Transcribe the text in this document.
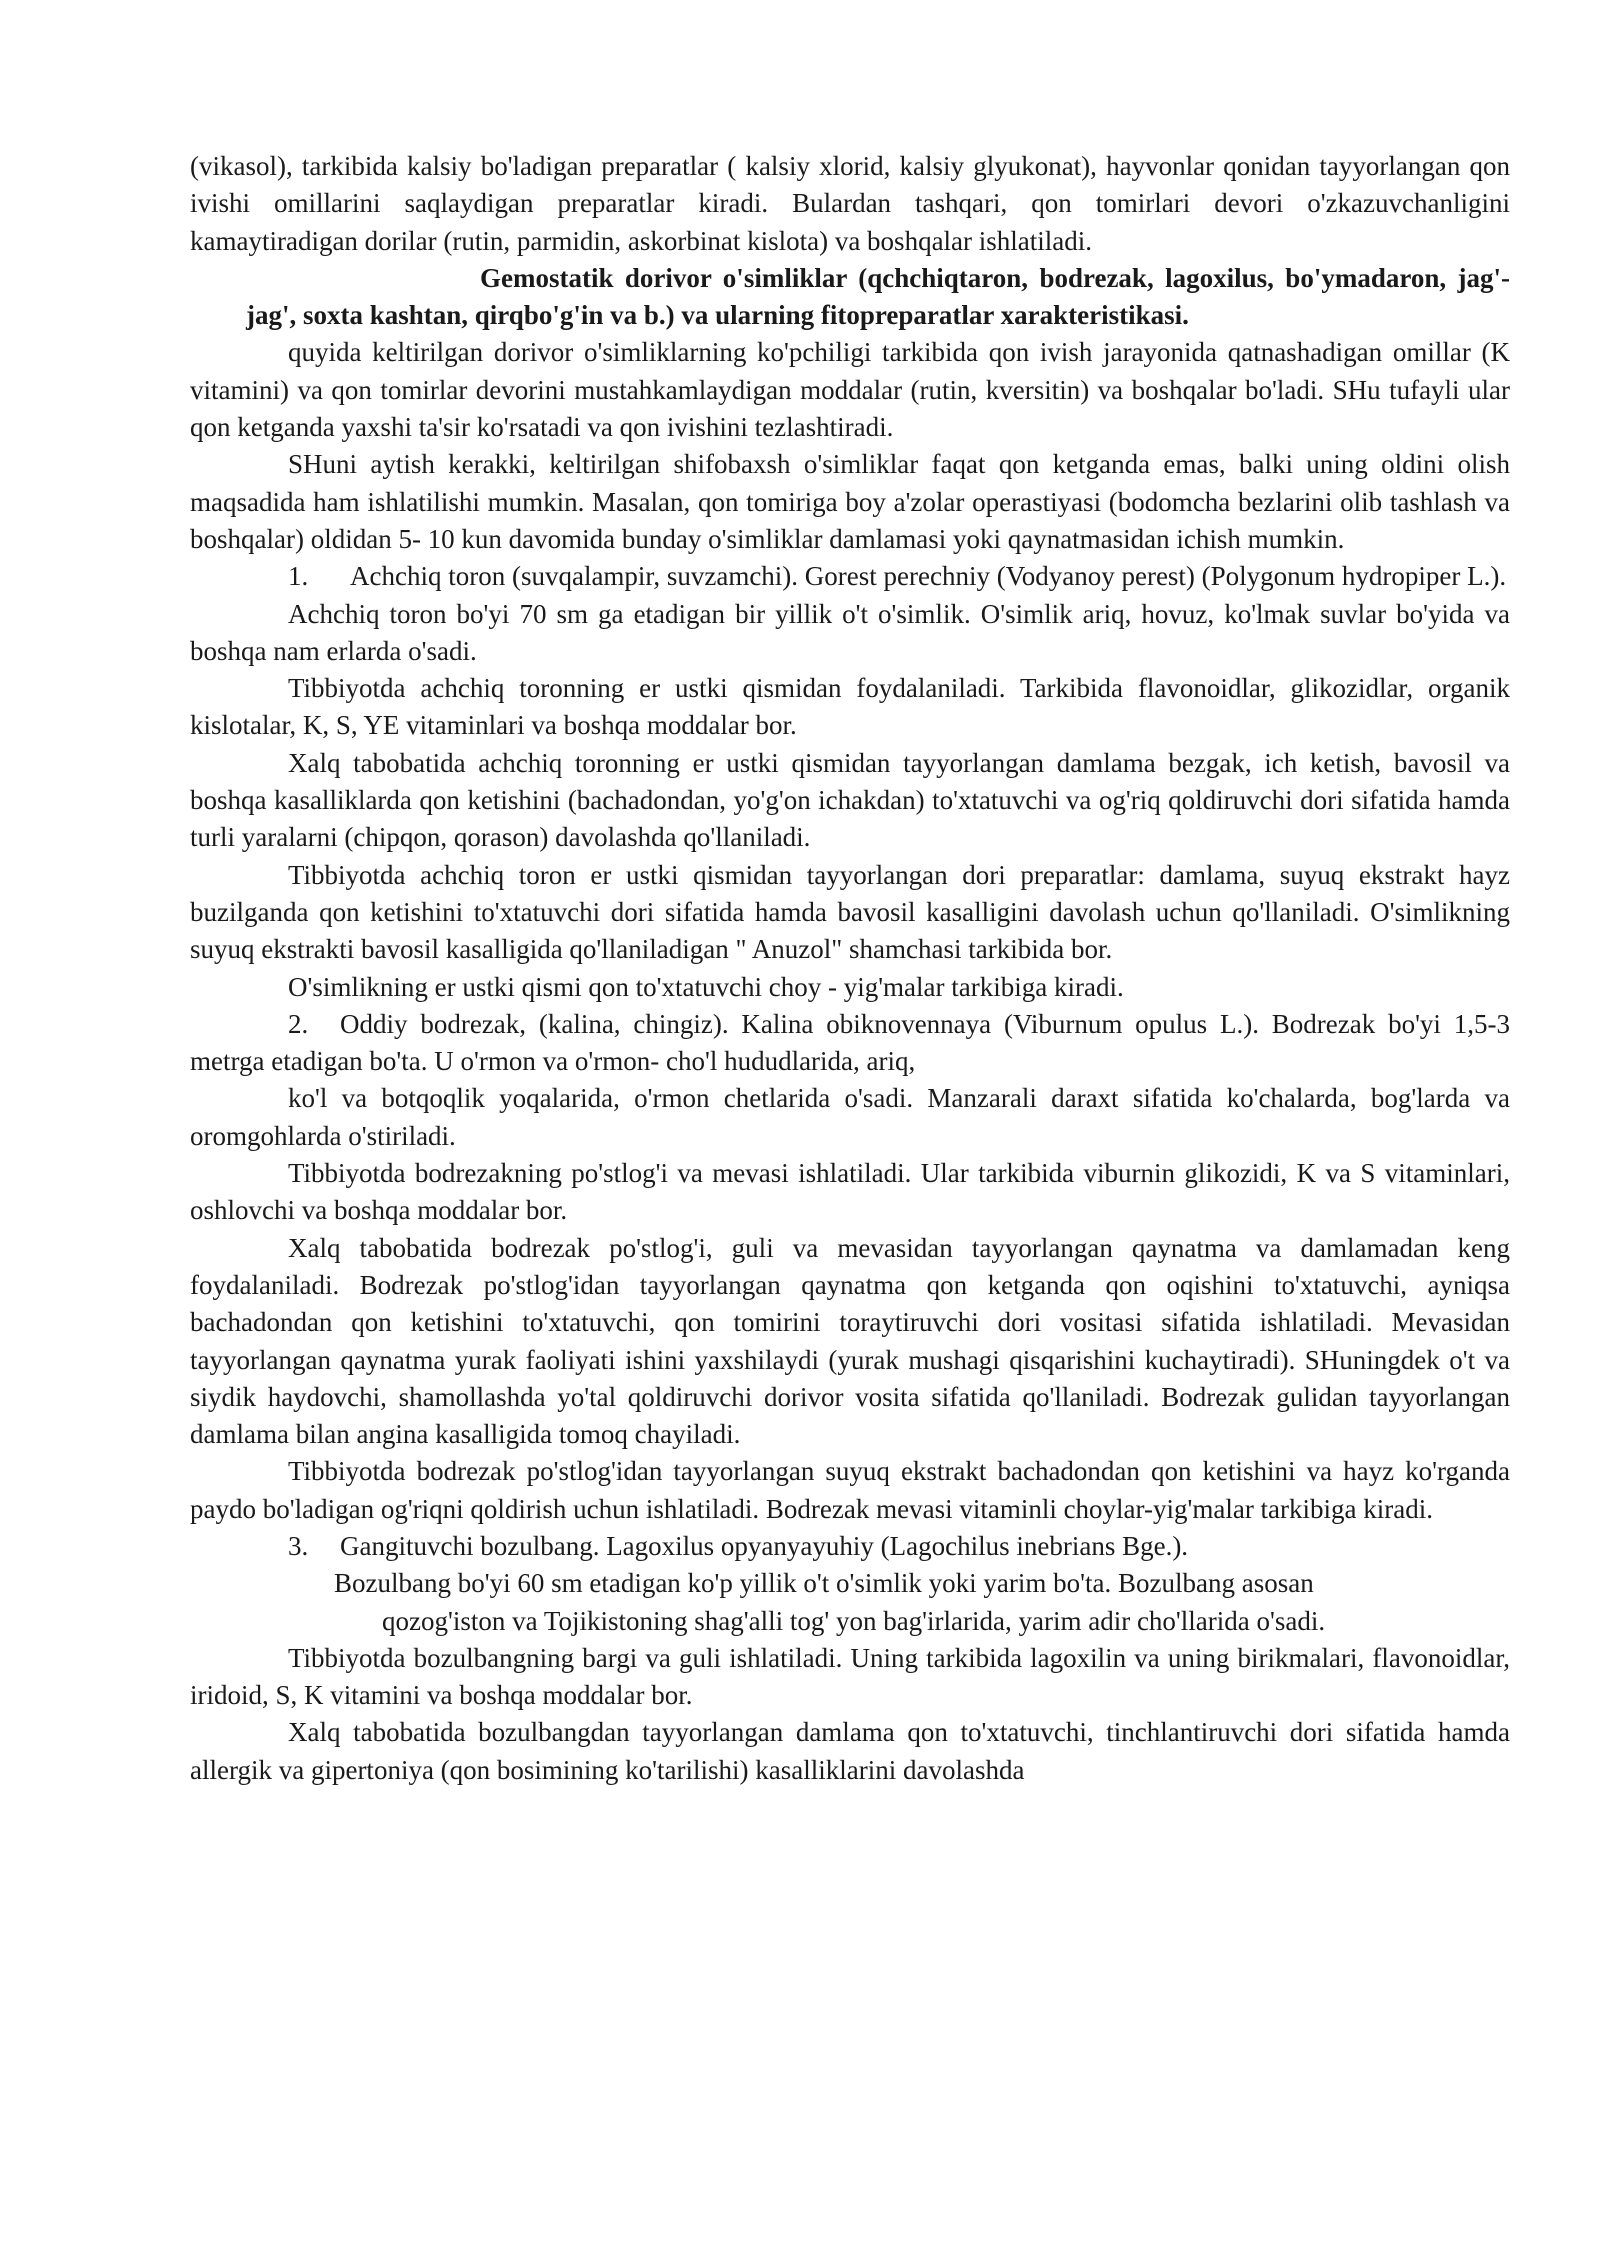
(vikasol), tarkibida kalsiy bo'ladigan preparatlar ( kalsiy xlorid, kalsiy glyukonat), hayvonlar qonidan tayyorlangan qon ivishi omillarini saqlaydigan preparatlar kiradi. Bulardan tashqari, qon tomirlari devori o'zkazuvchanligini kamaytiradigan dorilar (rutin, parmidin, askorbinat kislota) va boshqalar ishlatiladi.

Gemostatik dorivor o'simliklar (qchchiqtaron, bodrezak, lagoxilus, bo'ymadaron, jag'-jag', soxta kashtan, qirqbo'g'in va b.) va ularning fitopreparatlar xarakteristikasi.

quyida keltirilgan dorivor o'simliklarning ko'pchiligi tarkibida qon ivish jarayonida qatnashadigan omillar (K vitamini) va qon tomirlar devorini mustahkamlaydigan moddalar (rutin, kversitin) va boshqalar bo'ladi. SHu tufayli ular qon ketganda yaxshi ta'sir ko'rsatadi va qon ivishini tezlashtiradi.

SHuni aytish kerakki, keltirilgan shifobaxsh o'simliklar faqat qon ketganda emas, balki uning oldini olish maqsadida ham ishlatilishi mumkin. Masalan, qon tomiriga boy a'zolar operastiyasi (bodomcha bezlarini olib tashlash va boshqalar) oldidan 5- 10 kun davomida bunday o'simliklar damlamasi yoki qaynatmasidan ichish mumkin.

1. Achchiq toron (suvqalampir, suvzamchi). Gorest perechniy (Vodyanoy perest) (Polygonum hydropiper L.).

Achchiq toron bo'yi 70 sm ga etadigan bir yillik o't o'simlik. O'simlik ariq, hovuz, ko'lmak suvlar bo'yida va boshqa nam erlarda o'sadi.

Tibbiyotda achchiq toronning er ustki qismidan foydalaniladi. Tarkibida flavonoidlar, glikozidlar, organik kislotalar, K, S, YE vitaminlari va boshqa moddalar bor.

Xalq tabobatida achchiq toronning er ustki qismidan tayyorlangan damlama bezgak, ich ketish, bavosil va boshqa kasalliklarda qon ketishini (bachadondan, yo'g'on ichakdan) to'xtatuvchi va og'riq qoldiruvchi dori sifatida hamda turli yaralarni (chipqon, qorason) davolashda qo'llaniladi.

Tibbiyotda achchiq toron er ustki qismidan tayyorlangan dori preparatlar: damlama, suyuq ekstrakt hayz buzilganda qon ketishini to'xtatuvchi dori sifatida hamda bavosil kasalligini davolash uchun qo'llaniladi. O'simlikning suyuq ekstrakti bavosil kasalligida qo'llaniladigan " Anuzol" shamchasi tarkibida bor.

O'simlikning er ustki qismi qon to'xtatuvchi choy - yig'malar tarkibiga kiradi.

2. Oddiy bodrezak, (kalina, chingiz). Kalina obiknovennaya (Viburnum opulus L.). Bodrezak bo'yi 1,5-3 metrga etadigan bo'ta. U o'rmon va o'rmon- cho'l hududlarida, ariq,

ko'l va botqoqlik yoqalarida, o'rmon chetlarida o'sadi. Manzarali daraxt sifatida ko'chalarda, bog'larda va oromgohlarda o'stiriladi.

Tibbiyotda bodrezakning po'stlog'i va mevasi ishlatiladi. Ular tarkibida viburnin glikozidi, K va S vitaminlari, oshlovchi va boshqa moddalar bor.

Xalq tabobatida bodrezak po'stlog'i, guli va mevasidan tayyorlangan qaynatma va damlamadan keng foydalaniladi. Bodrezak po'stlog'idan tayyorlangan qaynatma qon ketganda qon oqishini to'xtatuvchi, ayniqsa bachadondan qon ketishini to'xtatuvchi, qon tomirini toraytiruvchi dori vositasi sifatida ishlatiladi. Mevasidan tayyorlangan qaynatma yurak faoliyati ishini yaxshilaydi (yurak mushagi qisqarishini kuchaytiradi). SHuningdek o't va siydik haydovchi, shamollashda yo'tal qoldiruvchi dorivor vosita sifatida qo'llaniladi. Bodrezak gulidan tayyorlangan damlama bilan angina kasalligida tomoq chayiladi.

Tibbiyotda bodrezak po'stlog'idan tayyorlangan suyuq ekstrakt bachadondan qon ketishini va hayz ko'rganda paydo bo'ladigan og'riqni qoldirish uchun ishlatiladi. Bodrezak mevasi vitaminli choylar-yig'malar tarkibiga kiradi.

3. Gangituvchi bozulbang. Lagoxilus opyanyayuhiy (Lagochilus inebrians Bge.).

Bozulbang bo'yi 60 sm etadigan ko'p yillik o't o'simlik yoki yarim bo'ta. Bozulbang asosan

qozog'iston va Tojikistoning shag'alli tog' yon bag'irlarida, yarim adir cho'llarida o'sadi.

Tibbiyotda bozulbangning bargi va guli ishlatiladi. Uning tarkibida lagoxilin va uning birikmalari, flavonoidlar, iridoid, S, K vitamini va boshqa moddalar bor.

Xalq tabobatida bozulbangdan tayyorlangan damlama qon to'xtatuvchi, tinchlantiruvchi dori sifatida hamda allergik va gipertoniya (qon bosimining ko'tarilishi) kasalliklarini davolashda
